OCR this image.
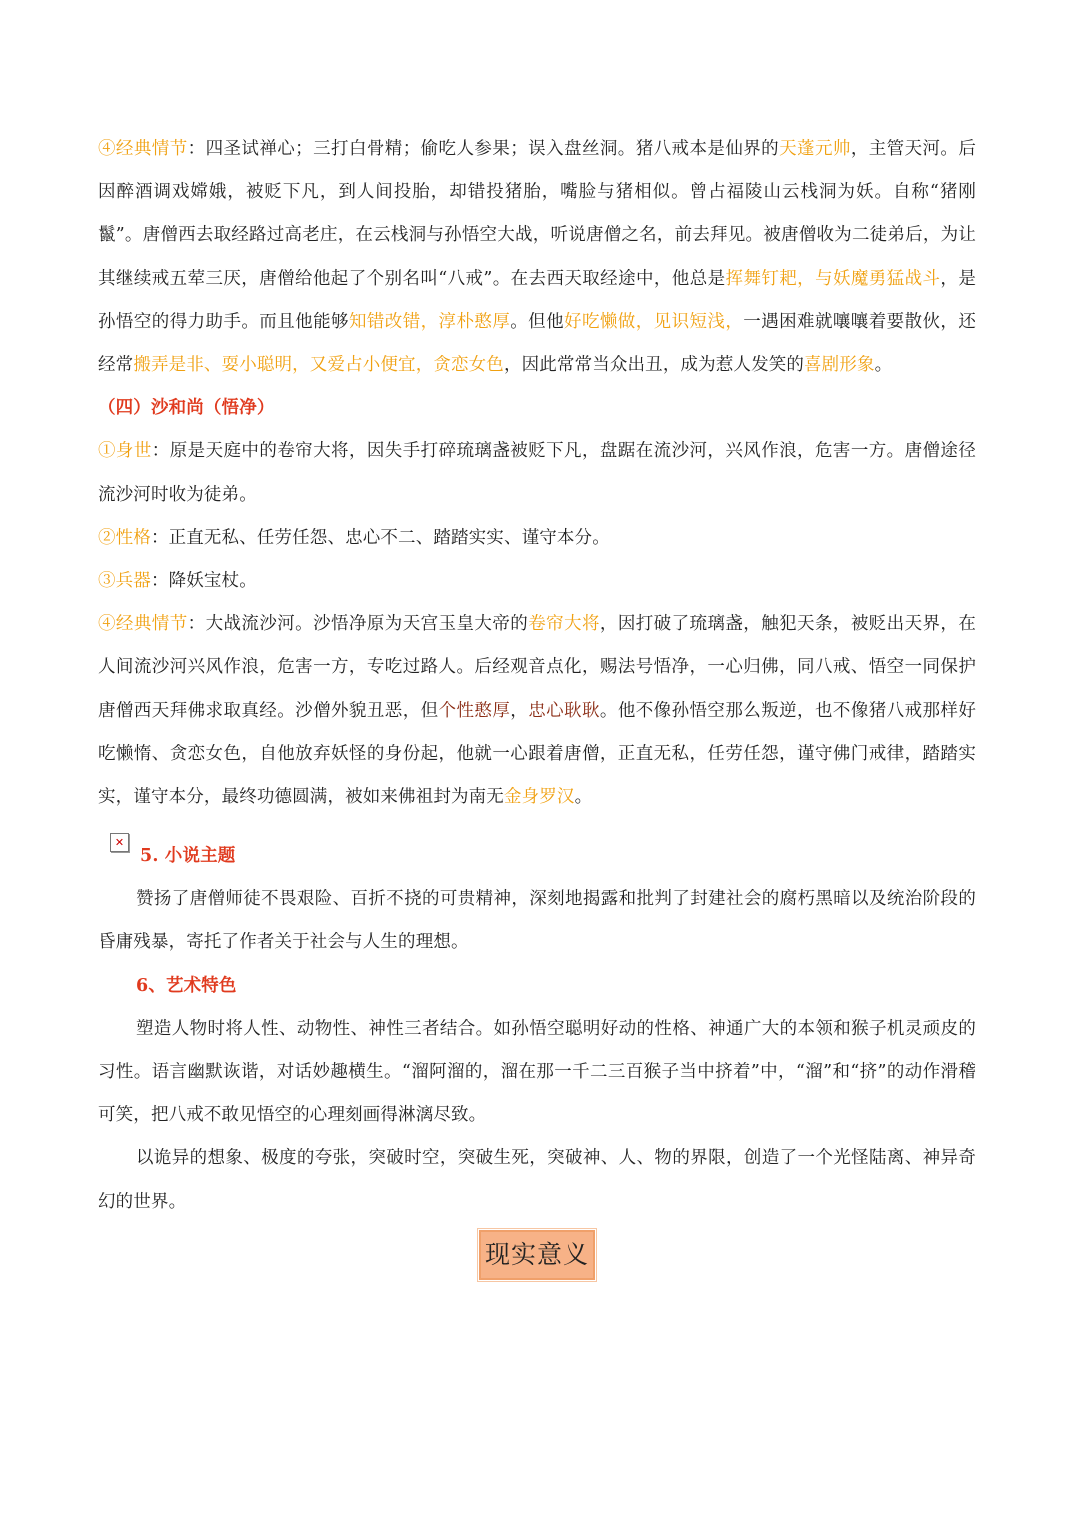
④经典情节：四圣试禅心；三打白骨精；偷吃人参果；误入盘丝洞。猪八戒本是仙界的天蓬元帅，主管天河。后因醉酒调戏嫦娥，被贬下凡，到人间投胎，却错投猪胎，嘴脸与猪相似。曾占福陵山云栈洞为妖。自称“猪刚鬣”。唐僧西去取经路过高老庄，在云栈洞与孙悟空大战，听说唐僧之名，前去拜见。被唐僧收为二徒弟后，为让其继续戒五荤三厌，唐僧给他起了个别名叫“八戒”。在去西天取经途中，他总是挥舞钉耙，与妖魔勇猛战斗，是孙悟空的得力助手。而且他能够知错改错，淳朴憨厚。但他好吃懒做，见识短浅，一遇困难就嚷嚷着要散伙，还经常搬弄是非、耍小聪明，又爱占小便宜，贪恋女色，因此常常当众出丑，成为惹人发笑的喜剧形象。

（四）沙和尚（悟净）

①身世：原是天庭中的卷帘大将，因失手打碎琉璃盏被贬下凡，盘踞在流沙河，兴风作浪，危害一方。唐僧途径流沙河时收为徒弟。

②性格：正直无私、任劳任怨、忠心不二、踏踏实实、谨守本分。

③兵器：降妖宝杖。

④经典情节：大战流沙河。沙悟净原为天宫玉皇大帝的卷帘大将，因打破了琉璃盏，触犯天条，被贬出天界，在人间流沙河兴风作浪，危害一方，专吃过路人。后经观音点化，赐法号悟净，一心归佛，同八戒、悟空一同保护唐僧西天拜佛求取真经。沙僧外貌丑恶，但个性憨厚，忠心耿耿。他不像孙悟空那么叛逆，也不像猪八戒那样好吃懒惰、贪恋女色，自他放弃妖怪的身份起，他就一心跟着唐僧，正直无私，任劳任怨，谨守佛门戒律，踏踏实实，谨守本分，最终功德圆满，被如来佛祖封为南无金身罗汉。

✕
5. 小说主题

赞扬了唐僧师徒不畏艰险、百折不挠的可贵精神，深刻地揭露和批判了封建社会的腐朽黑暗以及统治阶段的昏庸残暴，寄托了作者关于社会与人生的理想。

6、艺术特色

塑造人物时将人性、动物性、神性三者结合。如孙悟空聪明好动的性格、神通广大的本领和猴子机灵顽皮的习性。语言幽默诙谐，对话妙趣横生。“溜阿溜的，溜在那一千二三百猴子当中挤着”中，“溜”和“挤”的动作滑稽可笑，把八戒不敢见悟空的心理刻画得淋漓尽致。

以诡异的想象、极度的夸张，突破时空，突破生死，突破神、人、物的界限，创造了一个光怪陆离、神异奇幻的世界。

现实意义
